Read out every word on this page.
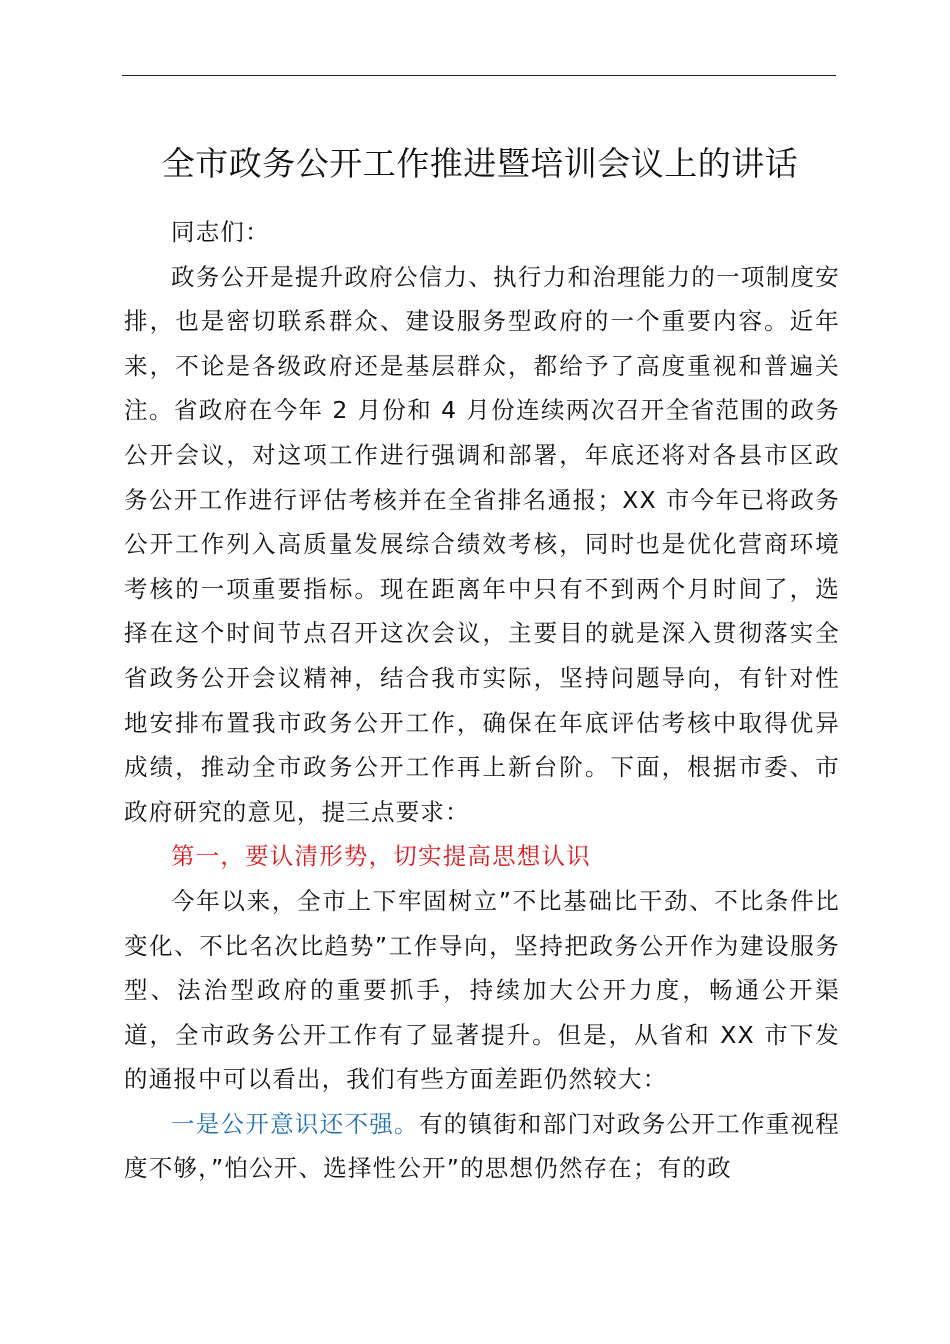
全市政务公开工作推进暨培训会议上的讲话

同志们：

政务公开是提升政府公信力、执行力和治理能力的一项制度安排，也是密切联系群众、建设服务型政府的一个重要内容。近年来，不论是各级政府还是基层群众，都给予了高度重视和普遍关注。省政府在今年 2 月份和 4 月份连续两次召开全省范围的政务公开会议，对这项工作进行强调和部署，年底还将对各县市区政务公开工作进行评估考核并在全省排名通报；XX 市今年已将政务公开工作列入高质量发展综合绩效考核，同时也是优化营商环境考核的一项重要指标。现在距离年中只有不到两个月时间了，选择在这个时间节点召开这次会议，主要目的就是深入贯彻落实全省政务公开会议精神，结合我市实际，坚持问题导向，有针对性地安排布置我市政务公开工作，确保在年底评估考核中取得优异成绩，推动全市政务公开工作再上新台阶。下面，根据市委、市政府研究的意见，提三点要求：

第一，要认清形势，切实提高思想认识

今年以来，全市上下牢固树立”不比基础比干劲、不比条件比变化、不比名次比趋势”工作导向，坚持把政务公开作为建设服务型、法治型政府的重要抓手，持续加大公开力度，畅通公开渠道，全市政务公开工作有了显著提升。但是，从省和 XX 市下发的通报中可以看出，我们有些方面差距仍然较大：

一是公开意识还不强。有的镇街和部门对政务公开工作重视程度不够，”怕公开、选择性公开”的思想仍然存在；有的政
